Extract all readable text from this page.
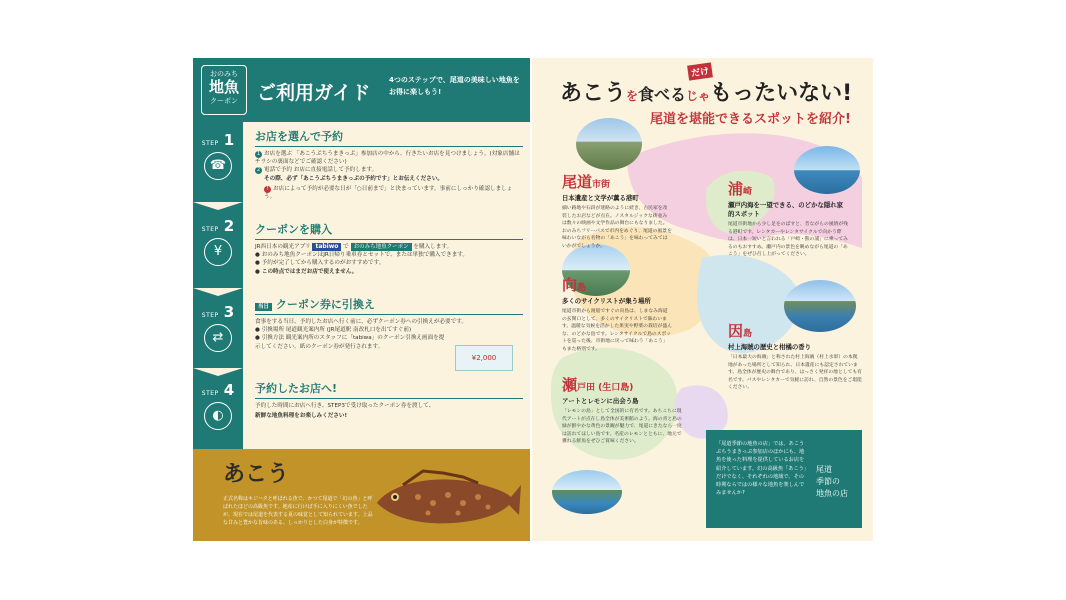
おのみち
地魚
クーポン	ご利用ガイド
4つのステップで、尾道の美味しい地魚をお得に楽しもう!
STEP 1
☎
STEP 2
¥
STEP 3
⇄
STEP 4
◐
お店を選んで予約
1 お店を選ぶ 「あこうぷちうまきっぷ」参加店の中から、行きたいお店を見つけましょう。(対象店舗はチラシの裏面などでご確認ください)
2 電話で予約 お店に直接電話して予約します。
その際、必ず「あこうぷちうまきっぷの予約です」とお伝えください。
! お店によって予約が必要な日が「○日前まで」と決まっています。事前にしっかり確認しましょう。
クーポンを購入

JR西日本の観光アプリ tabiwo で おのみち地魚クーポン を購入します。

● おのみち地魚クーポンはJR日帰り乗車券とセットで、または単独で購入できます。
● 予約が完了してから購入するのがおすすめです。
● この時点ではまだお店で使えません。
当日 クーポン券に引換え
食事をする当日、予約したお店へ行く前に、必ずクーポン券への引換えが必要です。
● 引換場所 尾道観光案内所 (JR尾道駅 南改札口を出てすぐ前)
● 引換方法 観光案内所のスタッフに「tabiwa」のクーポン引換え画面を提示してください。紙のクーポン券が発行されます。
¥2,000
予約したお店へ!

予約した時間にお店へ行き、STEP3で受け取ったクーポン券を渡して、

新鮮な地魚料理をお楽しみください!

あこう
正式名称はキジハタと呼ばれる魚で、かつて尾道で「幻の魚」と呼ばれたほどの高級魚です。地産に行けば手に入りにくい魚でしたが、現在では尾道を代表する夏の味覚として知られています。上品な甘みと豊かな旨味のある、しっかりとした白身が特徴です。
あこうを食べる
だけ
じゃもったいない!
尾道を堪能できるスポットを紹介!
尾道市街
日本遺産と文学が薫る港町
細い路地や石段が迷路のように続き、古民家を改装したお店などが点在。ノスタルジックな街並みは数々の映画や文学作品の舞台にもなりました。おのみちフリーパスで市内をめぐり、尾道の風景を味わいながら名物の「あこう」を味わってみてはいかがでしょうか。
浦崎
瀬戸内海を一望できる、のどかな隠れ家的スポット
尾道市街地から少し足をのばすと、昔ながらの風情が残る港町です。レンタカーやレンタサイクルで向かう際は、日本一短いと言われる「戸崎・熊の浦」に乗ってみるのもおすすめ。瀬戸内の景色を眺めながら尾道の「あこう」をぜひ召し上がってください。
向島
多くのサイクリストが集う場所
尾道市街から渡船ですぐの向島は、しまなみ海道の玄関口として、多くのサイクリストで賑わいます。温暖な気候を活かした果実や野菜の栽培が盛んな、のどかな島です。レンタサイクルで島のスポットを巡った後、市街地に戻って味わう「あこう」もまた格別です。
因島
村上海賊の歴史と柑橘の香り
「日本最大の海賊」と称された村上海賊（村上水軍）の本拠地があった場所として知られ、日本遺産にも認定されています。島全体が歴史の舞台であり、はっさく発祥の地としても有名です。バスやレンタカーで気軽に訪れ、自然の景色をご堪能ください。
瀬戸田 (生口島)
アートとレモンに出会う島
「レモンの島」として全国的に有名です。あちこちに現代アートが点在し島全体が美術館のよう。海の青と島の緑が鮮やかな黄色の景観が魅力で、尾道にきたなら一度は訪れてほしい島です。名産のレモンとともに、地元で獲れる鮮魚をぜひご賞味ください。	「尾道季節の地魚の店」では、あこうぷちうまきっぷ参加店のほかにも、地魚を使った料理を提供しているお店を紹介しています。幻の高級魚「あこう」だけでなく、それぞれの地域で、その時期ならではの様々な地魚を楽しんでみませんか?
尾道
季節の
地魚の店
